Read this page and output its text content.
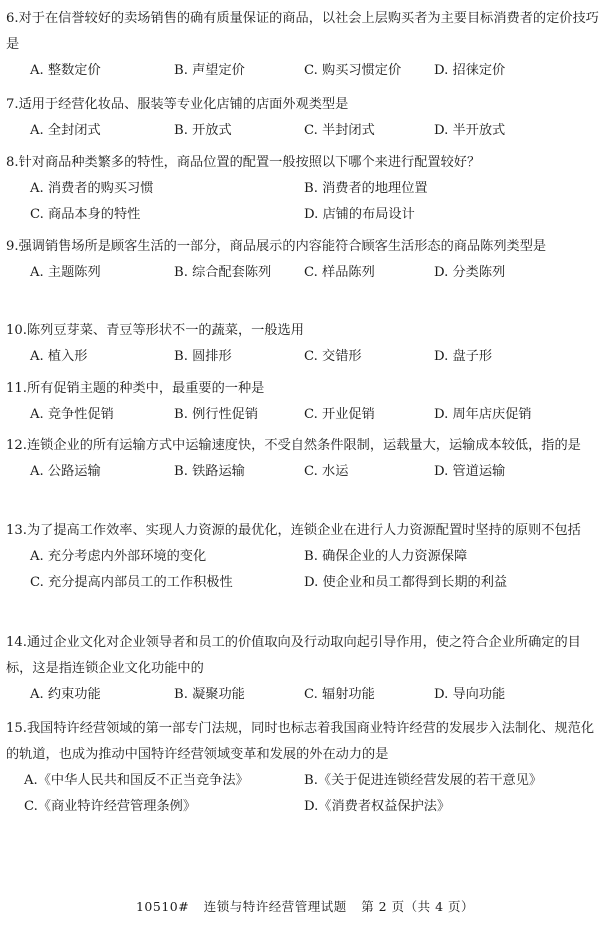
6.对于在信誉较好的卖场销售的确有质量保证的商品，以社会上层购买者为主要目标消费者的定价技巧是

A. 整数定价	B. 声望定价	C. 购买习惯定价 D. 招徕定价

7.适用于经营化妆品、服装等专业化店铺的店面外观类型是

A. 全封闭式	B. 开放式	C. 半封闭式	D. 半开放式

8.针对商品种类繁多的特性，商品位置的配置一般按照以下哪个来进行配置较好？

A. 消费者的购买习惯	B. 消费者的地理位置
C. 商品本身的特性	D. 店铺的布局设计

9.强调销售场所是顾客生活的一部分，商品展示的内容能符合顾客生活形态的商品陈列类型是

A. 主题陈列	B. 综合配套陈列 C. 样品陈列	D. 分类陈列

10.陈列豆芽菜、青豆等形状不一的蔬菜，一般选用

A. 植入形	B. 圆排形	C. 交错形	D. 盘子形

11.所有促销主题的种类中，最重要的一种是

A. 竞争性促销	B. 例行性促销	C. 开业促销	D. 周年店庆促销

12.连锁企业的所有运输方式中运输速度快，不受自然条件限制，运载量大，运输成本较低，指的是

A. 公路运输	B. 铁路运输	C. 水运	D. 管道运输

13.为了提高工作效率、实现人力资源的最优化，连锁企业在进行人力资源配置时坚持的原则不包括

A. 充分考虑内外部环境的变化	B. 确保企业的人力资源保障
C. 充分提高内部员工的工作积极性	D. 使企业和员工都得到长期的利益

14.通过企业文化对企业领导者和员工的价值取向及行动取向起引导作用，使之符合企业所确定的目标，这是指连锁企业文化功能中的

A. 约束功能	B. 凝聚功能	C. 辐射功能	D. 导向功能

15.我国特许经营领域的第一部专门法规，同时也标志着我国商业特许经营的发展步入法制化、规范化的轨道，也成为推动中国特许经营领域变革和发展的外在动力的是

A.《中华人民共和国反不正当竞争法》	B.《关于促进连锁经营发展的若干意见》
C.《商业特许经营管理条例》	D.《消费者权益保护法》
10510# 连锁与特许经营管理试题 第 2 页（共 4 页）
